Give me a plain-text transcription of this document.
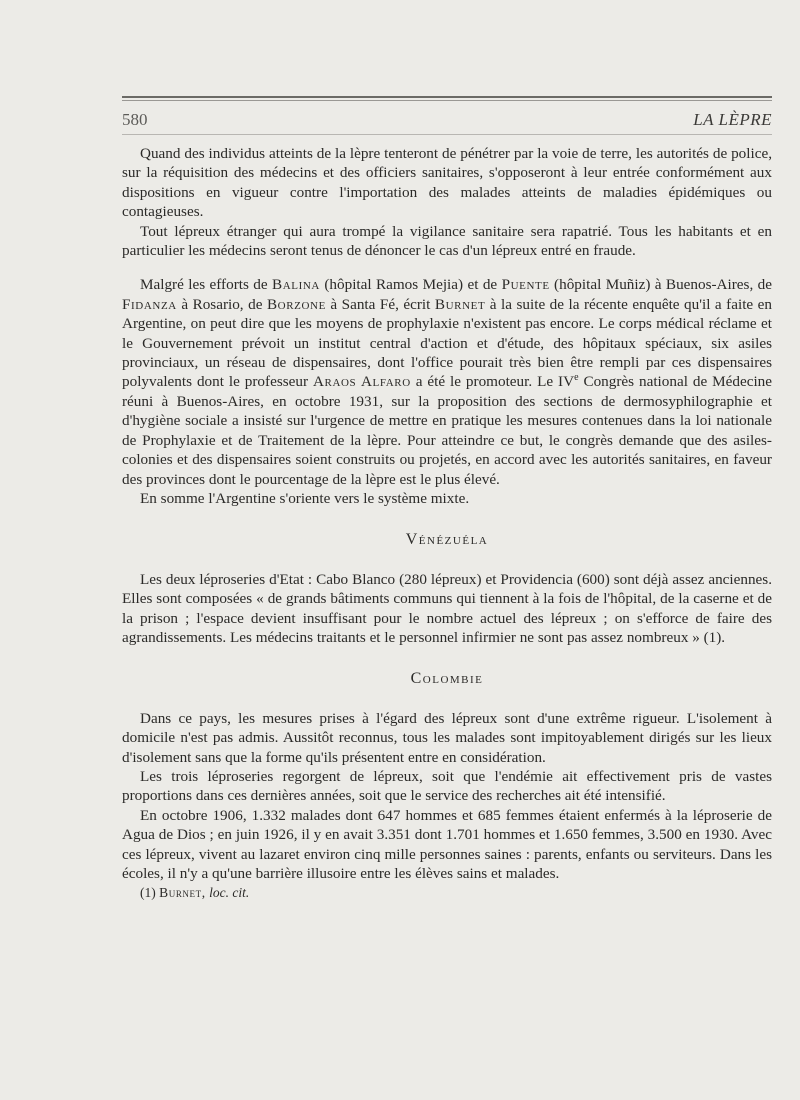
580	LA LÈPRE

Quand des individus atteints de la lèpre tenteront de pénétrer par la voie de terre, les autorités de police, sur la réquisition des médecins et des officiers sanitaires, s'opposeront à leur entrée conformément aux dispositions en vigueur contre l'importation des malades atteints de maladies épidémiques ou contagieuses.

Tout lépreux étranger qui aura trompé la vigilance sanitaire sera rapatrié. Tous les habitants et en particulier les médecins seront tenus de dénoncer le cas d'un lépreux entré en fraude.

Malgré les efforts de Balina (hôpital Ramos Mejia) et de Puente (hôpital Muñiz) à Buenos-Aires, de Fidanza à Rosario, de Borzone à Santa Fé, écrit Burnet à la suite de la récente enquête qu'il a faite en Argentine, on peut dire que les moyens de prophylaxie n'existent pas encore. Le corps médical réclame et le Gouvernement prévoit un institut central d'action et d'étude, des hôpitaux spéciaux, six asiles provinciaux, un réseau de dispensaires, dont l'office pourait très bien être rempli par ces dispensaires polyvalents dont le professeur Araos Alfaro a été le promoteur. Le IVe Congrès national de Médecine réuni à Buenos-Aires, en octobre 1931, sur la proposition des sections de dermosyphilographie et d'hygiène sociale a insisté sur l'urgence de mettre en pratique les mesures contenues dans la loi nationale de Prophylaxie et de Traitement de la lèpre. Pour atteindre ce but, le congrès demande que des asiles-colonies et des dispensaires soient construits ou projetés, en accord avec les autorités sanitaires, en faveur des provinces dont le pourcentage de la lèpre est le plus élevé.

En somme l'Argentine s'oriente vers le système mixte.

Vénézuéla

Les deux léproseries d'Etat : Cabo Blanco (280 lépreux) et Providencia (600) sont déjà assez anciennes. Elles sont composées « de grands bâtiments communs qui tiennent à la fois de l'hôpital, de la caserne et de la prison ; l'espace devient insuffisant pour le nombre actuel des lépreux ; on s'efforce de faire des agrandissements. Les médecins traitants et le personnel infirmier ne sont pas assez nombreux » (1).

Colombie

Dans ce pays, les mesures prises à l'égard des lépreux sont d'une extrême rigueur. L'isolement à domicile n'est pas admis. Aussitôt reconnus, tous les malades sont impitoyablement dirigés sur les lieux d'isolement sans que la forme qu'ils présentent entre en considération.

Les trois léproseries regorgent de lépreux, soit que l'endémie ait effectivement pris de vastes proportions dans ces dernières années, soit que le service des recherches ait été intensifié.

En octobre 1906, 1.332 malades dont 647 hommes et 685 femmes étaient enfermés à la léproserie de Agua de Dios ; en juin 1926, il y en avait 3.351 dont 1.701 hommes et 1.650 femmes, 3.500 en 1930. Avec ces lépreux, vivent au lazaret environ cinq mille personnes saines : parents, enfants ou serviteurs. Dans les écoles, il n'y a qu'une barrière illusoire entre les élèves sains et malades.

(1) Burnet, loc. cit.
